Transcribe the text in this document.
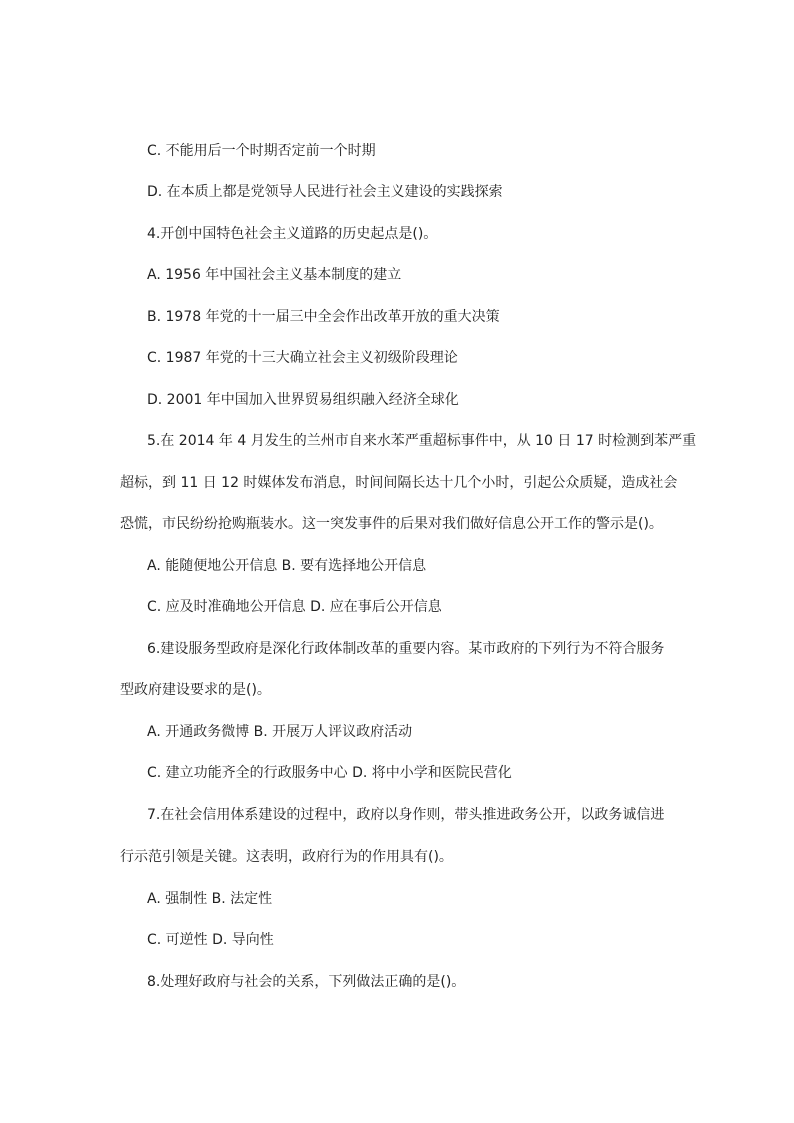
C. 不能用后一个时期否定前一个时期
D. 在本质上都是党领导人民进行社会主义建设的实践探索
4.开创中国特色社会主义道路的历史起点是()。
A. 1956 年中国社会主义基本制度的建立
B. 1978 年党的十一届三中全会作出改革开放的重大决策
C. 1987 年党的十三大确立社会主义初级阶段理论
D. 2001 年中国加入世界贸易组织融入经济全球化
5.在 2014 年 4 月发生的兰州市自来水苯严重超标事件中，从 10 日 17 时检测到苯严重
超标，到 11 日 12 时媒体发布消息，时间间隔长达十几个小时，引起公众质疑，造成社会
恐慌，市民纷纷抢购瓶装水。这一突发事件的后果对我们做好信息公开工作的警示是()。
A. 能随便地公开信息 B. 要有选择地公开信息
C. 应及时准确地公开信息 D. 应在事后公开信息
6.建设服务型政府是深化行政体制改革的重要内容。某市政府的下列行为不符合服务
型政府建设要求的是()。
A. 开通政务微博 B. 开展万人评议政府活动
C. 建立功能齐全的行政服务中心 D. 将中小学和医院民营化
7.在社会信用体系建设的过程中，政府以身作则，带头推进政务公开，以政务诚信进
行示范引领是关键。这表明，政府行为的作用具有()。
A. 强制性 B. 法定性
C. 可逆性 D. 导向性
8.处理好政府与社会的关系，下列做法正确的是()。
